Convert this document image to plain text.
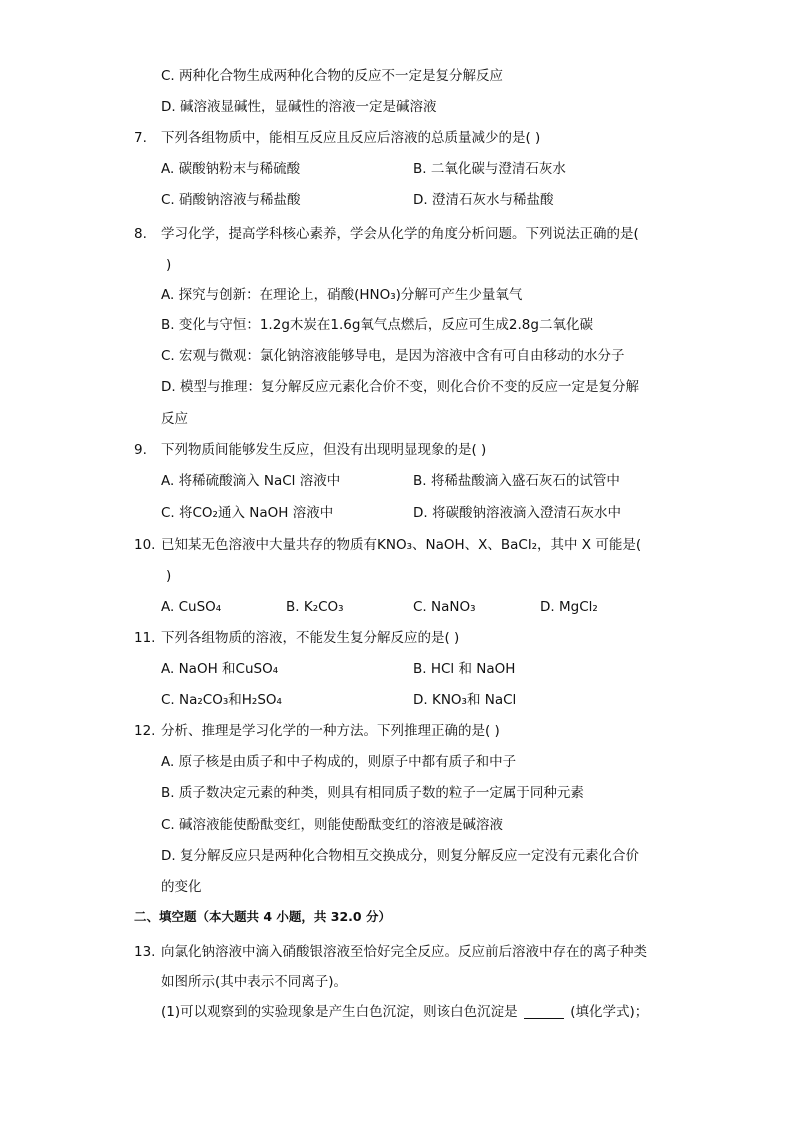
C. 两种化合物生成两种化合物的反应不一定是复分解反应
D. 碱溶液显碱性，显碱性的溶液一定是碱溶液
7. 下列各组物质中，能相互反应且反应后溶液的总质量减少的是( )
A. 碳酸钠粉末与稀硫酸	B. 二氧化碳与澄清石灰水
C. 硝酸钠溶液与稀盐酸	D. 澄清石灰水与稀盐酸
8. 学习化学，提高学科核心素养，学会从化学的角度分析问题。下列说法正确的是(
)
A. 探究与创新：在理论上，硝酸(HNO₃)分解可产生少量氧气
B. 变化与守恒：1.2g木炭在1.6g氧气点燃后，反应可生成2.8g二氧化碳
C. 宏观与微观：氯化钠溶液能够导电，是因为溶液中含有可自由移动的水分子
D. 模型与推理：复分解反应元素化合价不变，则化合价不变的反应一定是复分解
反应
9. 下列物质间能够发生反应，但没有出现明显现象的是( )
A. 将稀硫酸滴入 NaCl 溶液中	B. 将稀盐酸滴入盛石灰石的试管中
C. 将CO₂通入 NaOH 溶液中	D. 将碳酸钠溶液滴入澄清石灰水中
10. 已知某无色溶液中大量共存的物质有KNO₃、NaOH、X、BaCl₂，其中 X 可能是(
)
A. CuSO₄	B. K₂CO₃	C. NaNO₃	D. MgCl₂
11. 下列各组物质的溶液，不能发生复分解反应的是( )
A. NaOH 和CuSO₄	B. HCl 和 NaOH
C. Na₂CO₃和H₂SO₄	D. KNO₃和 NaCl
12. 分析、推理是学习化学的一种方法。下列推理正确的是( )
A. 原子核是由质子和中子构成的，则原子中都有质子和中子
B. 质子数决定元素的种类，则具有相同质子数的粒子一定属于同种元素
C. 碱溶液能使酚酞变红，则能使酚酞变红的溶液是碱溶液
D. 复分解反应只是两种化合物相互交换成分，则复分解反应一定没有元素化合价
的变化
二、填空题（本大题共 4 小题，共 32.0 分）
13. 向氯化钠溶液中滴入硝酸银溶液至恰好完全反应。反应前后溶液中存在的离子种类
如图所示(其中表示不同离子)。
(1)可以观察到的实验现象是产生白色沉淀，则该白色沉淀是	(填化学式)；
